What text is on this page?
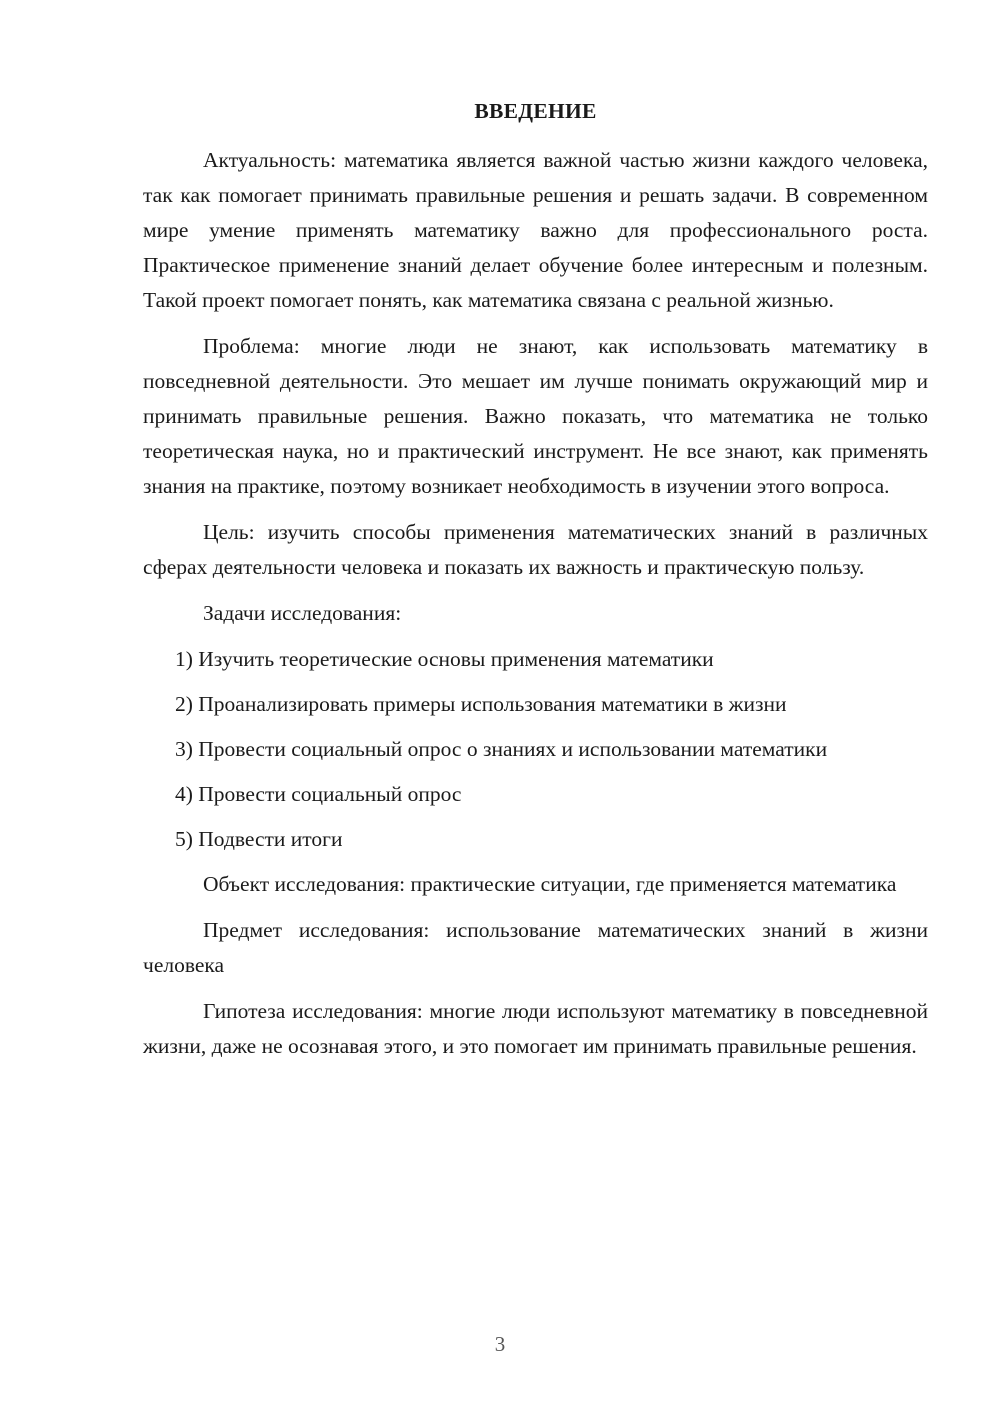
ВВЕДЕНИЕ

Актуальность: математика является важной частью жизни каждого человека, так как помогает принимать правильные решения и решать задачи. В современном мире умение применять математику важно для профессионального роста. Практическое применение знаний делает обучение более интересным и полезным. Такой проект помогает понять, как математика связана с реальной жизнью.

Проблема: многие люди не знают, как использовать математику в повседневной деятельности. Это мешает им лучше понимать окружающий мир и принимать правильные решения. Важно показать, что математика не только теоретическая наука, но и практический инструмент. Не все знают, как применять знания на практике, поэтому возникает необходимость в изучении этого вопроса.

Цель: изучить способы применения математических знаний в различных сферах деятельности человека и показать их важность и практическую пользу.

Задачи исследования:

1) Изучить теоретические основы применения математики

2) Проанализировать примеры использования математики в жизни

3) Провести социальный опрос о знаниях и использовании математики

4) Провести социальный опрос

5) Подвести итоги

Объект исследования: практические ситуации, где применяется математика

Предмет исследования: использование математических знаний в жизни человека

Гипотеза исследования: многие люди используют математику в повседневной жизни, даже не осознавая этого, и это помогает им принимать правильные решения.

3
